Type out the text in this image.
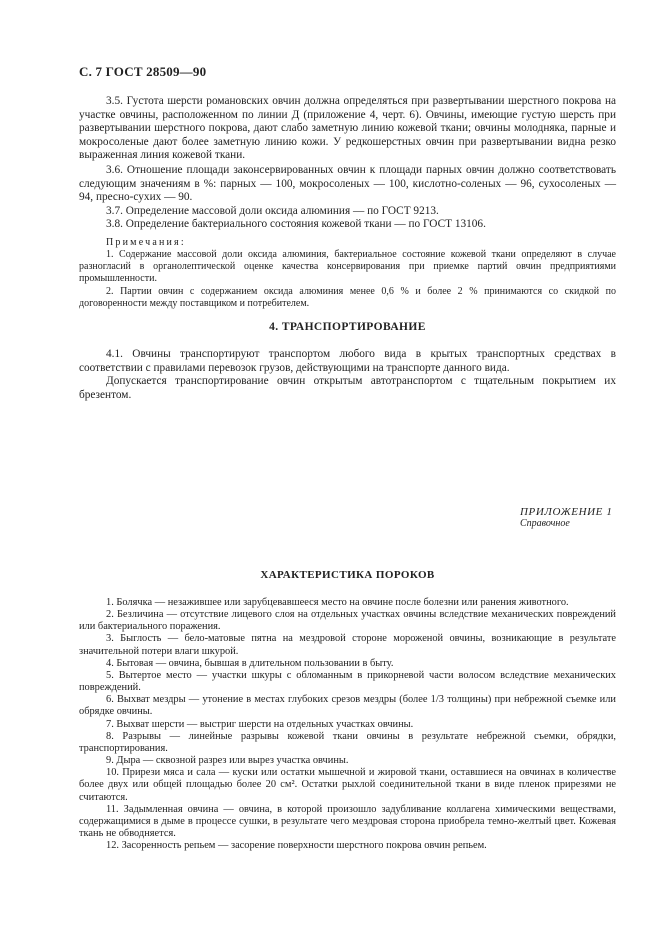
С. 7 ГОСТ 28509—90

3.5. Густота шерсти романовских овчин должна определяться при развертывании шерстного покрова на участке овчины, расположенном по линии Д (приложение 4, черт. 6). Овчины, имеющие густую шерсть при развертывании шерстного покрова, дают слабо заметную линию кожевой ткани; овчины молодняка, парные и мокросоленые дают более заметную линию кожи. У редкошерстных овчин при развертывании видна резко выраженная линия кожевой ткани.

3.6. Отношение площади законсервированных овчин к площади парных овчин должно соответствовать следующим значениям в %: парных — 100, мокросоленых — 100, кислотно-соленых — 96, сухосоленых — 94, пресно-сухих — 90.

3.7. Определение массовой доли оксида алюминия — по ГОСТ 9213.

3.8. Определение бактериального состояния кожевой ткани — по ГОСТ 13106.

Примечания:

1. Содержание массовой доли оксида алюминия, бактериальное состояние кожевой ткани определяют в случае разногласий в органолептической оценке качества консервирования при приемке партий овчин предприятиями промышленности.

2. Партии овчин с содержанием оксида алюминия менее 0,6 % и более 2 % принимаются со скидкой по договоренности между поставщиком и потребителем.

4. ТРАНСПОРТИРОВАНИЕ

4.1. Овчины транспортируют транспортом любого вида в крытых транспортных средствах в соответствии с правилами перевозок грузов, действующими на транспорте данного вида.

Допускается транспортирование овчин открытым автотранспортом с тщательным покрытием их брезентом.

ПРИЛОЖЕНИЕ 1
Справочное
ХАРАКТЕРИСТИКА ПОРОКОВ

1. Болячка — незажившее или зарубцевавшееся место на овчине после болезни или ранения животного.

2. Безличина — отсутствие лицевого слоя на отдельных участках овчины вследствие механических повреждений или бактериального поражения.

3. Быглость — бело-матовые пятна на мездровой стороне мороженой овчины, возникающие в результате значительной потери влаги шкурой.

4. Бытовая — овчина, бывшая в длительном пользовании в быту.

5. Вытертое место — участки шкуры с обломанным в прикорневой части волосом вследствие механических повреждений.

6. Выхват мездры — утонение в местах глубоких срезов мездры (более 1/3 толщины) при небрежной съемке или обрядке овчины.

7. Выхват шерсти — выстриг шерсти на отдельных участках овчины.

8. Разрывы — линейные разрывы кожевой ткани овчины в результате небрежной съемки, обрядки, транспортирования.

9. Дыра — сквозной разрез или вырез участка овчины.

10. Прирези мяса и сала — куски или остатки мышечной и жировой ткани, оставшиеся на овчинах в количестве более двух или общей площадью более 20 см². Остатки рыхлой соединительной ткани в виде пленок прирезями не считаются.

11. Задымленная овчина — овчина, в которой произошло задубливание коллагена химическими веществами, содержащимися в дыме в процессе сушки, в результате чего мездровая сторона приобрела темно-желтый цвет. Кожевая ткань не обводняется.

12. Засоренность репьем — засорение поверхности шерстного покрова овчин репьем.
